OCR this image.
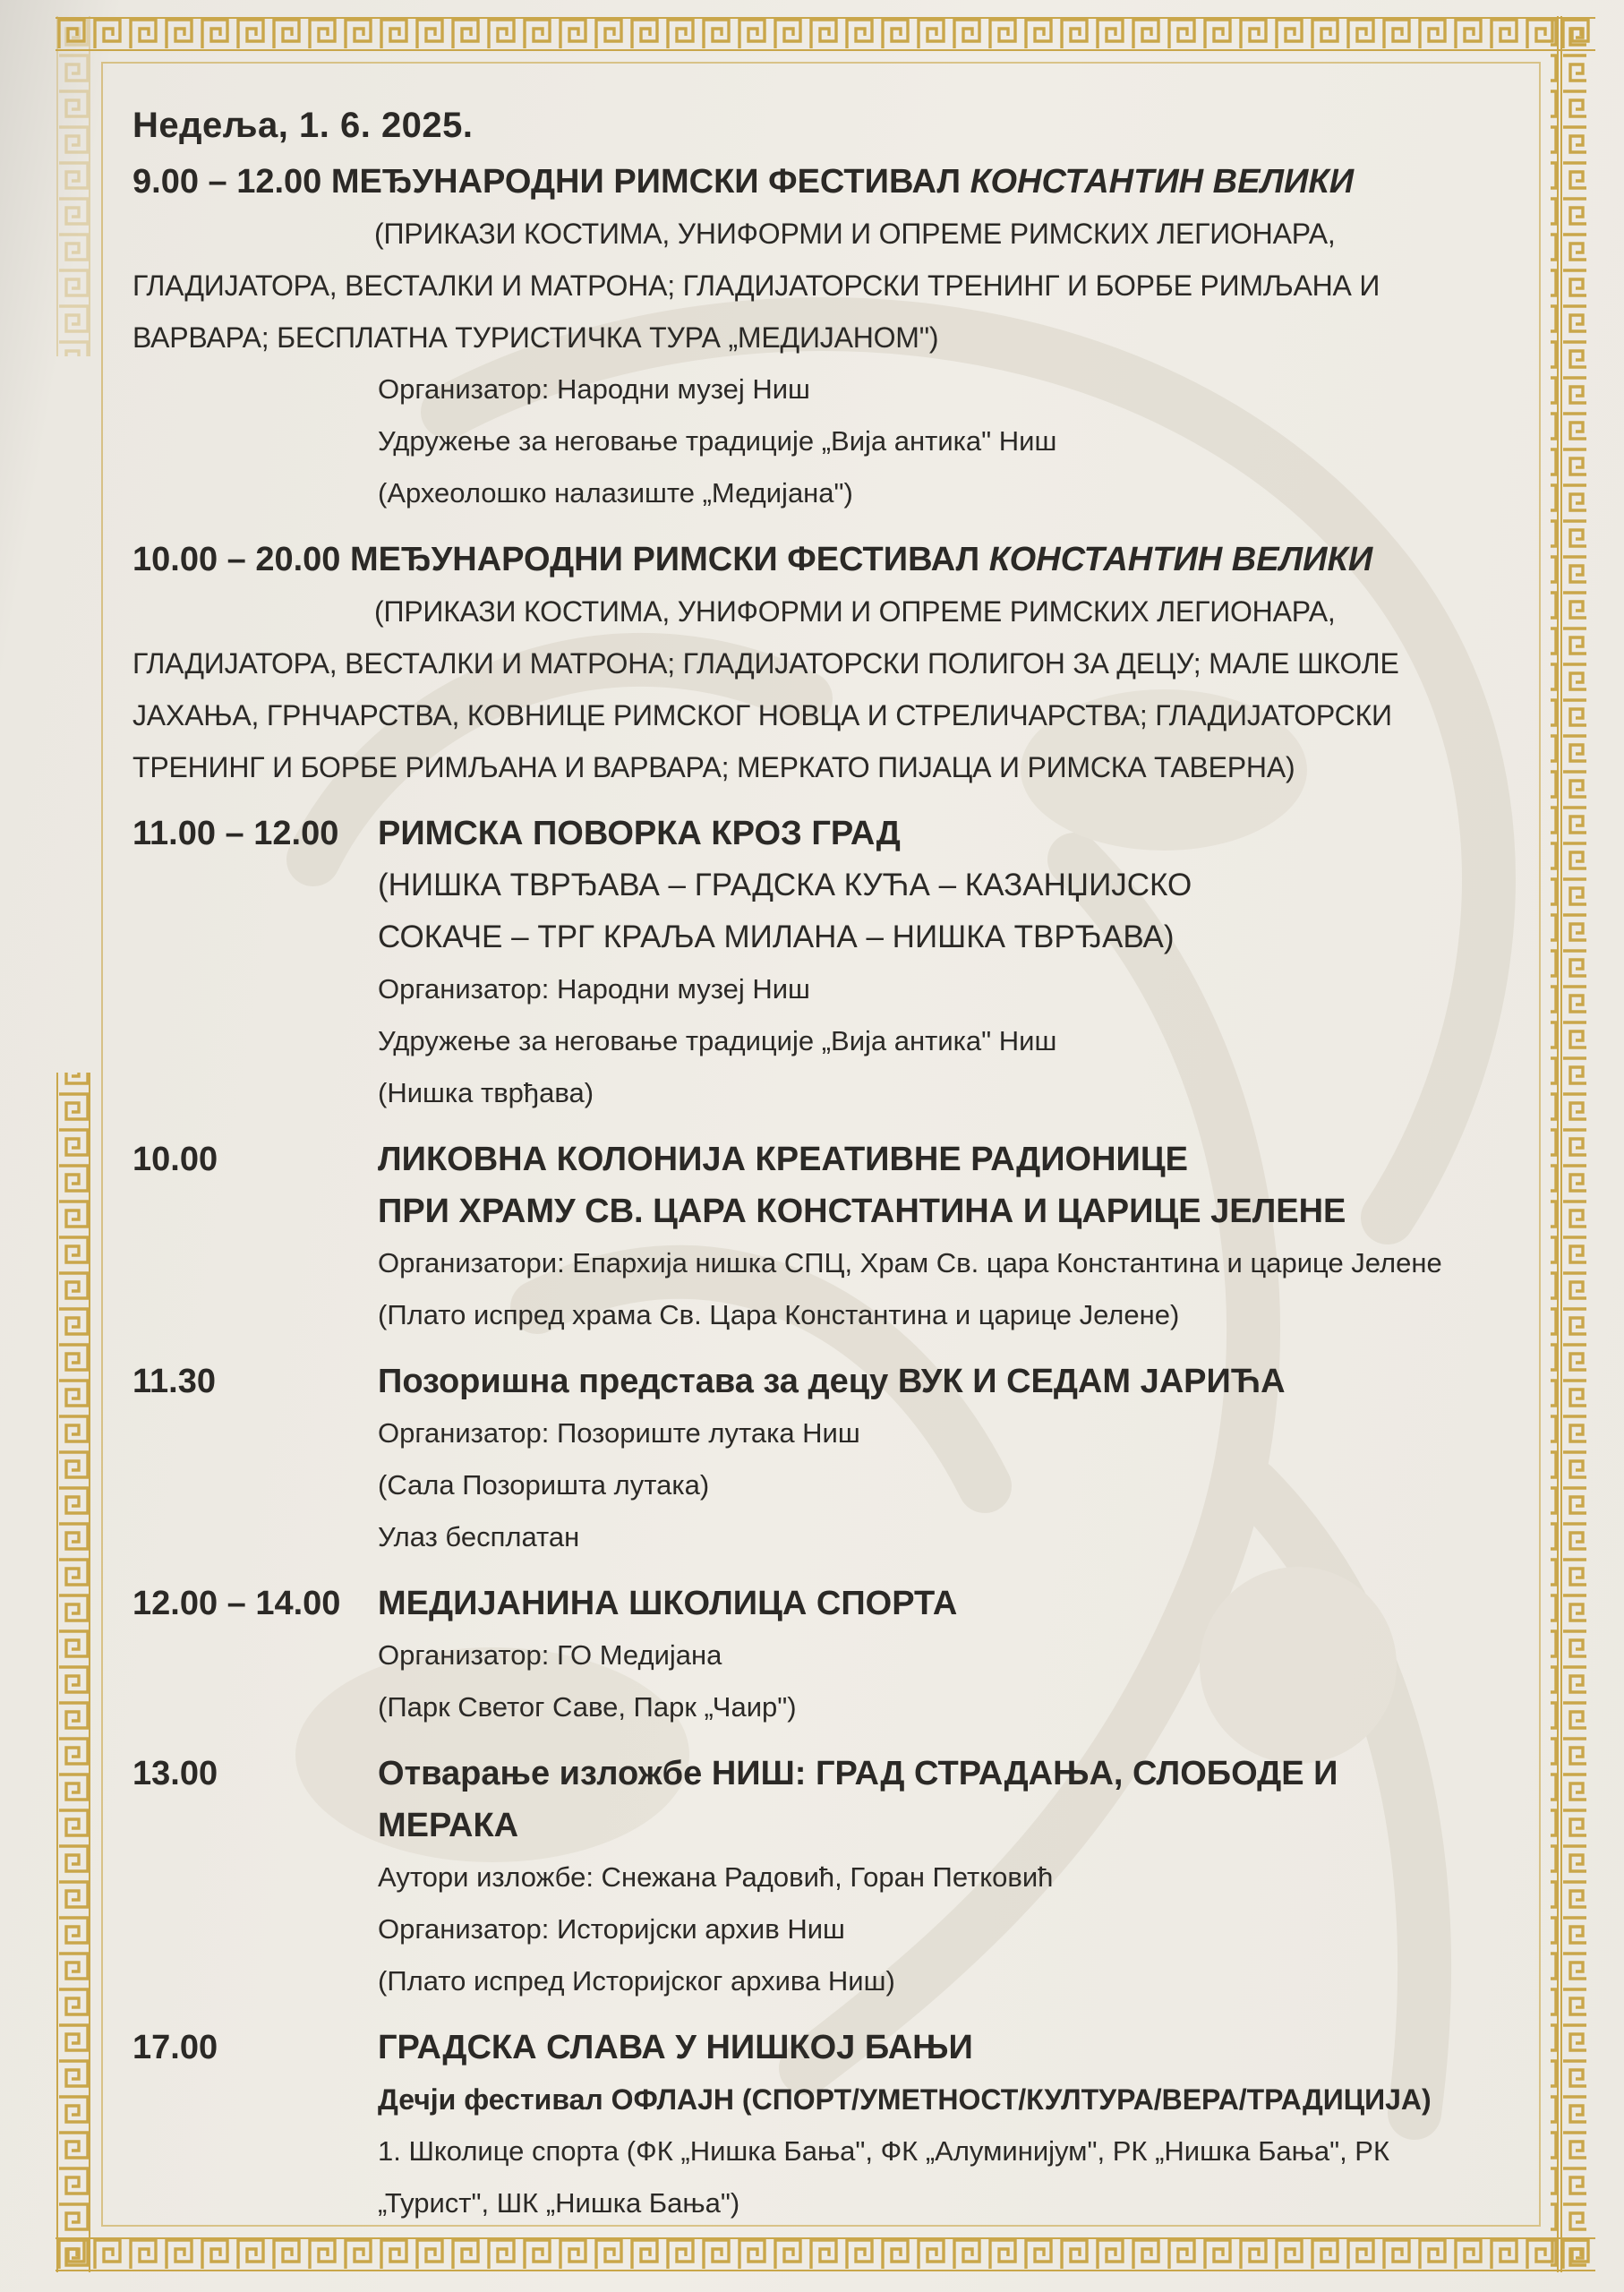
Недеља, 1. 6. 2025.
9.00 – 12.00 МЕЂУНАРОДНИ РИМСКИ ФЕСТИВАЛ КОНСТАНТИН ВЕЛИКИ

(ПРИКАЗИ КОСТИМА, УНИФОРМИ И ОПРЕМЕ РИМСКИХ ЛЕГИОНАРА, ГЛАДИЈАТОРА, ВЕСТАЛКИ И МАТРОНА; ГЛАДИЈАТОРСКИ ТРЕНИНГ И БОРБЕ РИМЉАНА И ВАРВАРА; БЕСПЛАТНА ТУРИСТИЧКА ТУРА „МЕДИЈАНОМ")

Организатор: Народни музеј Ниш
Удружење за неговање традиције „Вија антика" Ниш
(Археолошко налазиште „Медијана")
10.00 – 20.00 МЕЂУНАРОДНИ РИМСКИ ФЕСТИВАЛ КОНСТАНТИН ВЕЛИКИ

(ПРИКАЗИ КОСТИМА, УНИФОРМИ И ОПРЕМЕ РИМСКИХ ЛЕГИОНАРА, ГЛАДИЈАТОРА, ВЕСТАЛКИ И МАТРОНА; ГЛАДИЈАТОРСКИ ПОЛИГОН ЗА ДЕЦУ; МАЛЕ ШКОЛЕ ЈАХАЊА, ГРНЧАРСТВА, КОВНИЦЕ РИМСКОГ НОВЦА И СТРЕЛИЧАРСТВА; ГЛАДИЈАТОРСКИ ТРЕНИНГ И БОРБЕ РИМЉАНА И ВАРВАРА; МЕРКАТО ПИЈАЦА И РИМСКА ТАВЕРНА)

11.00 – 12.00	РИМСКА ПОВОРКА КРОЗ ГРАД
(НИШКА ТВРЂАВА – ГРАДСКА КУЋА – КАЗАНЏИЈСКО
СОКАЧЕ – ТРГ КРАЉА МИЛАНА – НИШКА ТВРЂАВА)
Организатор: Народни музеј Ниш
Удружење за неговање традиције „Вија антика" Ниш
(Нишка тврђава)
10.00	ЛИКОВНА КОЛОНИЈА КРЕАТИВНЕ РАДИОНИЦЕ
ПРИ ХРАМУ СВ. ЦАРА КОНСТАНТИНА И ЦАРИЦЕ ЈЕЛЕНЕ
Организатори: Епархија нишка СПЦ, Храм Св. цара Константина и царице Јелене
(Плато испред храма Св. Цара Константина и царице Јелене)
11.30	Позоришна представа за децу ВУК И СЕДАМ ЈАРИЋА
Организатор: Позориште лутака Ниш
(Сала Позоришта лутака)
Улаз бесплатан
12.00 – 14.00	МЕДИЈАНИНА ШКОЛИЦА СПОРТА
Организатор: ГО Медијана
(Парк Светог Саве, Парк „Чаир")
13.00	Отварање изложбе НИШ: ГРАД СТРАДАЊА, СЛОБОДЕ И МЕРАКА
Аутори изложбе: Снежана Радовић, Горан Петковић
Организатор: Историјски архив Ниш
(Плато испред Историјског архива Ниш)
17.00	ГРАДСКА СЛАВА У НИШКОЈ БАЊИ
Дечји фестивал ОФЛАЈН (СПОРТ/УМЕТНОСТ/КУЛТУРА/ВЕРА/ТРАДИЦИЈА)
1. Школице спорта (ФК „Нишка Бања", ФК „Алуминијум", РК „Нишка Бања", РК „Турист", ШК „Нишка Бања")
